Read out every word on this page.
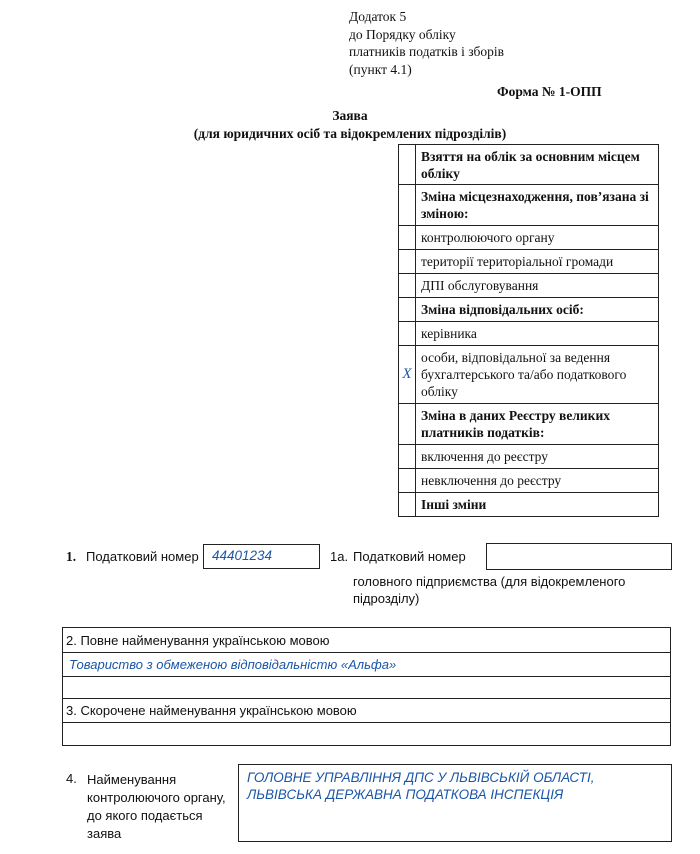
Додаток 5
до Порядку обліку
платників податків і зборів
(пункт 4.1)
Форма № 1-ОПП
Заява
(для юридичних осіб та відокремлених підрозділів)
	Взяття на облік за основним місцем обліку
	Зміна місцезнаходження, пов’язана зі зміною:
	контролюючого органу
	території територіальної громади
	ДПІ обслуговування
	Зміна відповідальних осіб:
	керівника
X	особи, відповідальної за ведення бухгалтерського та/або податкового обліку
	Зміна в даних Реєстру великих платників податків:
	включення до реєстру
	невключення до реєстру
	Інші зміни
1. Податковий номер 44401234	1а. Податковий номер
головного підприємства (для відокремленого
підрозділу)
2. Повне найменування українською мовою
Товариство з обмеженою відповідальністю «Альфа»
3. Скорочене найменування українською мовою
4. Найменування
контролюючого органу,
до якого подається
заява
ГОЛОВНЕ УПРАВЛІННЯ ДПС У ЛЬВІВСЬКІЙ ОБЛАСТІ,
ЛЬВІВСЬКА ДЕРЖАВНА ПОДАТКОВА ІНСПЕКЦІЯ
